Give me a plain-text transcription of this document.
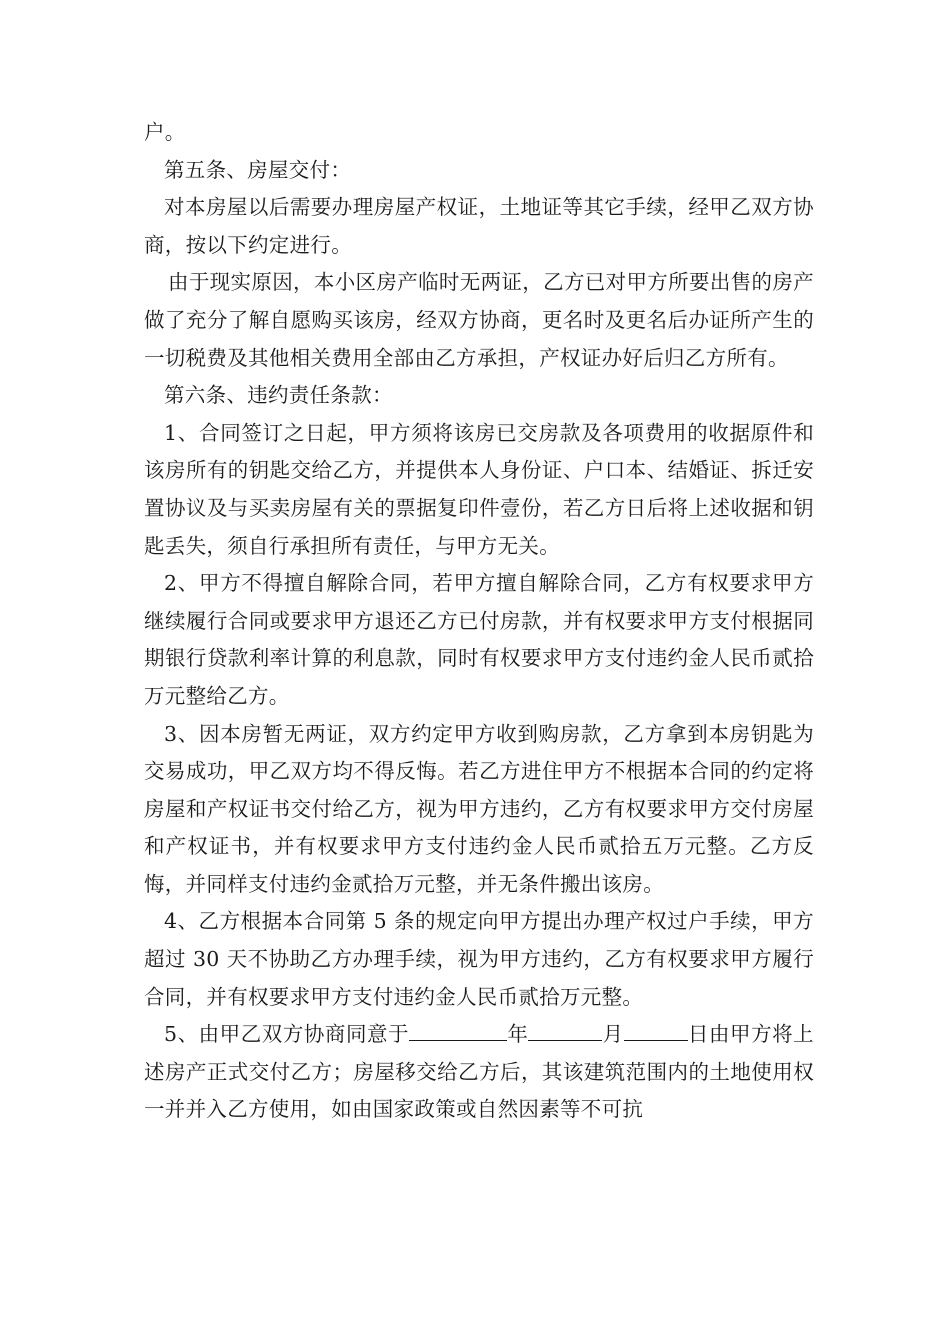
户。

第五条、房屋交付：

对本房屋以后需要办理房屋产权证，土地证等其它手续，经甲乙双方协商，按以下约定进行。

由于现实原因，本小区房产临时无两证，乙方已对甲方所要出售的房产做了充分了解自愿购买该房，经双方协商，更名时及更名后办证所产生的一切税费及其他相关费用全部由乙方承担，产权证办好后归乙方所有。

第六条、违约责任条款：

1、合同签订之日起，甲方须将该房已交房款及各项费用的收据原件和该房所有的钥匙交给乙方，并提供本人身份证、户口本、结婚证、拆迁安置协议及与买卖房屋有关的票据复印件壹份，若乙方日后将上述收据和钥匙丢失，须自行承担所有责任，与甲方无关。

2、甲方不得擅自解除合同，若甲方擅自解除合同，乙方有权要求甲方继续履行合同或要求甲方退还乙方已付房款，并有权要求甲方支付根据同期银行贷款利率计算的利息款，同时有权要求甲方支付违约金人民币贰拾万元整给乙方。

3、因本房暂无两证，双方约定甲方收到购房款，乙方拿到本房钥匙为交易成功，甲乙双方均不得反悔。若乙方进住甲方不根据本合同的约定将房屋和产权证书交付给乙方，视为甲方违约，乙方有权要求甲方交付房屋和产权证书，并有权要求甲方支付违约金人民币贰拾五万元整。乙方反悔，并同样支付违约金贰拾万元整，并无条件搬出该房。

4、乙方根据本合同第 5 条的规定向甲方提出办理产权过户手续，甲方超过 30 天不协助乙方办理手续，视为甲方违约，乙方有权要求甲方履行合同，并有权要求甲方支付违约金人民币贰拾万元整。

5、由甲乙双方协商同意于	年	月	日由甲方将上述房产正式交付乙方；房屋移交给乙方后，其该建筑范围内的土地使用权一并并入乙方使用，如由国家政策或自然因素等不可抗
